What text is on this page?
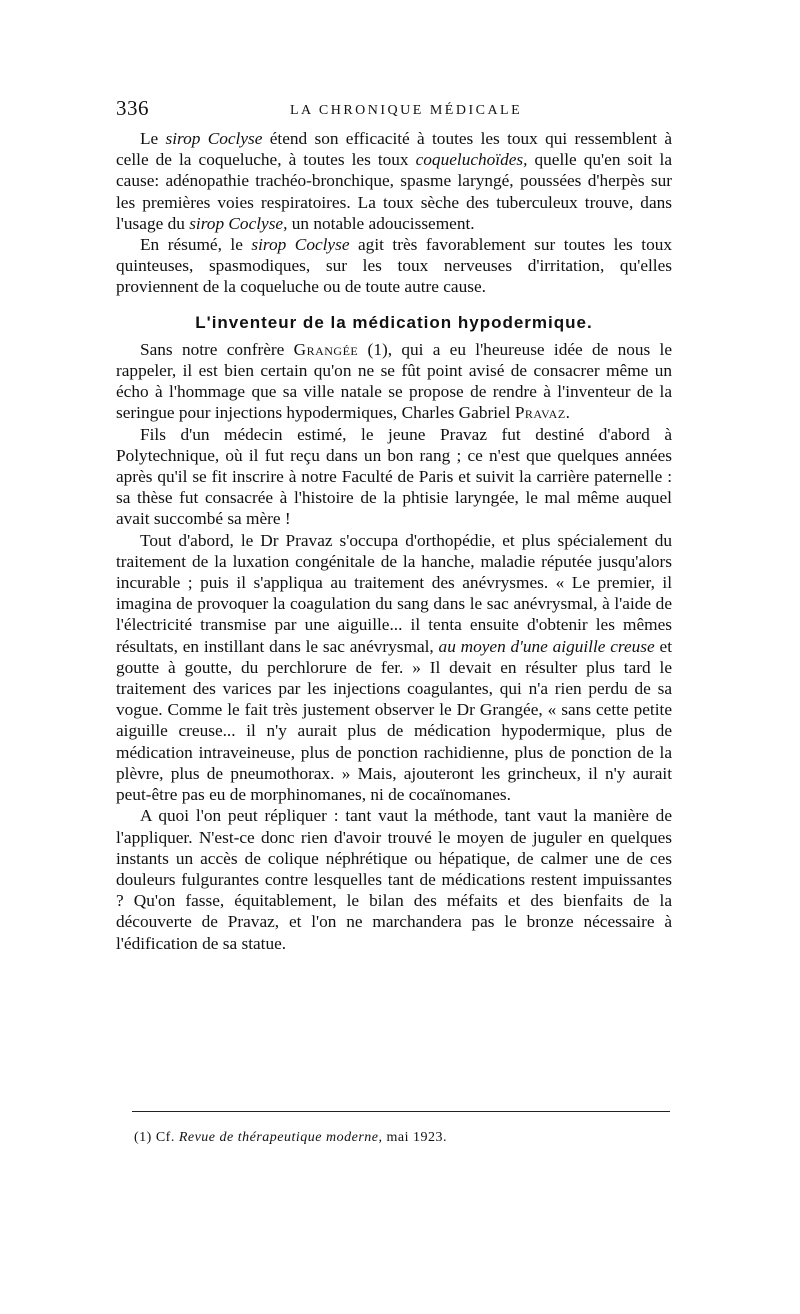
336	LA CHRONIQUE MÉDICALE

Le sirop Coclyse étend son efficacité à toutes les toux qui ressemblent à celle de la coqueluche, à toutes les toux coqueluchoïdes, quelle qu'en soit la cause: adénopathie trachéo-bronchique, spasme laryngé, poussées d'herpès sur les premières voies respiratoires. La toux sèche des tuberculeux trouve, dans l'usage du sirop Coclyse, un notable adoucissement.

En résumé, le sirop Coclyse agit très favorablement sur toutes les toux quinteuses, spasmodiques, sur les toux nerveuses d'irritation, qu'elles proviennent de la coqueluche ou de toute autre cause.

L'inventeur de la médication hypodermique.

Sans notre confrère Grangée (1), qui a eu l'heureuse idée de nous le rappeler, il est bien certain qu'on ne se fût point avisé de consacrer même un écho à l'hommage que sa ville natale se propose de rendre à l'inventeur de la seringue pour injections hypodermiques, Charles Gabriel Pravaz.

Fils d'un médecin estimé, le jeune Pravaz fut destiné d'abord à Polytechnique, où il fut reçu dans un bon rang ; ce n'est que quelques années après qu'il se fit inscrire à notre Faculté de Paris et suivit la carrière paternelle : sa thèse fut consacrée à l'histoire de la phtisie laryngée, le mal même auquel avait succombé sa mère !

Tout d'abord, le Dr Pravaz s'occupa d'orthopédie, et plus spécialement du traitement de la luxation congénitale de la hanche, maladie réputée jusqu'alors incurable ; puis il s'appliqua au traitement des anévrysmes. « Le premier, il imagina de provoquer la coagulation du sang dans le sac anévrysmal, à l'aide de l'électricité transmise par une aiguille... il tenta ensuite d'obtenir les mêmes résultats, en instillant dans le sac anévrysmal, au moyen d'une aiguille creuse et goutte à goutte, du perchlorure de fer. » Il devait en résulter plus tard le traitement des varices par les injections coagulantes, qui n'a rien perdu de sa vogue. Comme le fait très justement observer le Dr Grangée, « sans cette petite aiguille creuse... il n'y aurait plus de médication hypodermique, plus de médication intraveineuse, plus de ponction rachidienne, plus de ponction de la plèvre, plus de pneumothorax. » Mais, ajouteront les grincheux, il n'y aurait peut-être pas eu de morphinomanes, ni de cocaïnomanes.

A quoi l'on peut répliquer : tant vaut la méthode, tant vaut la manière de l'appliquer. N'est-ce donc rien d'avoir trouvé le moyen de juguler en quelques instants un accès de colique néphrétique ou hépatique, de calmer une de ces douleurs fulgurantes contre lesquelles tant de médications restent impuissantes ? Qu'on fasse, équitablement, le bilan des méfaits et des bienfaits de la découverte de Pravaz, et l'on ne marchandera pas le bronze nécessaire à l'édification de sa statue.

(1) Cf. Revue de thérapeutique moderne, mai 1923.
